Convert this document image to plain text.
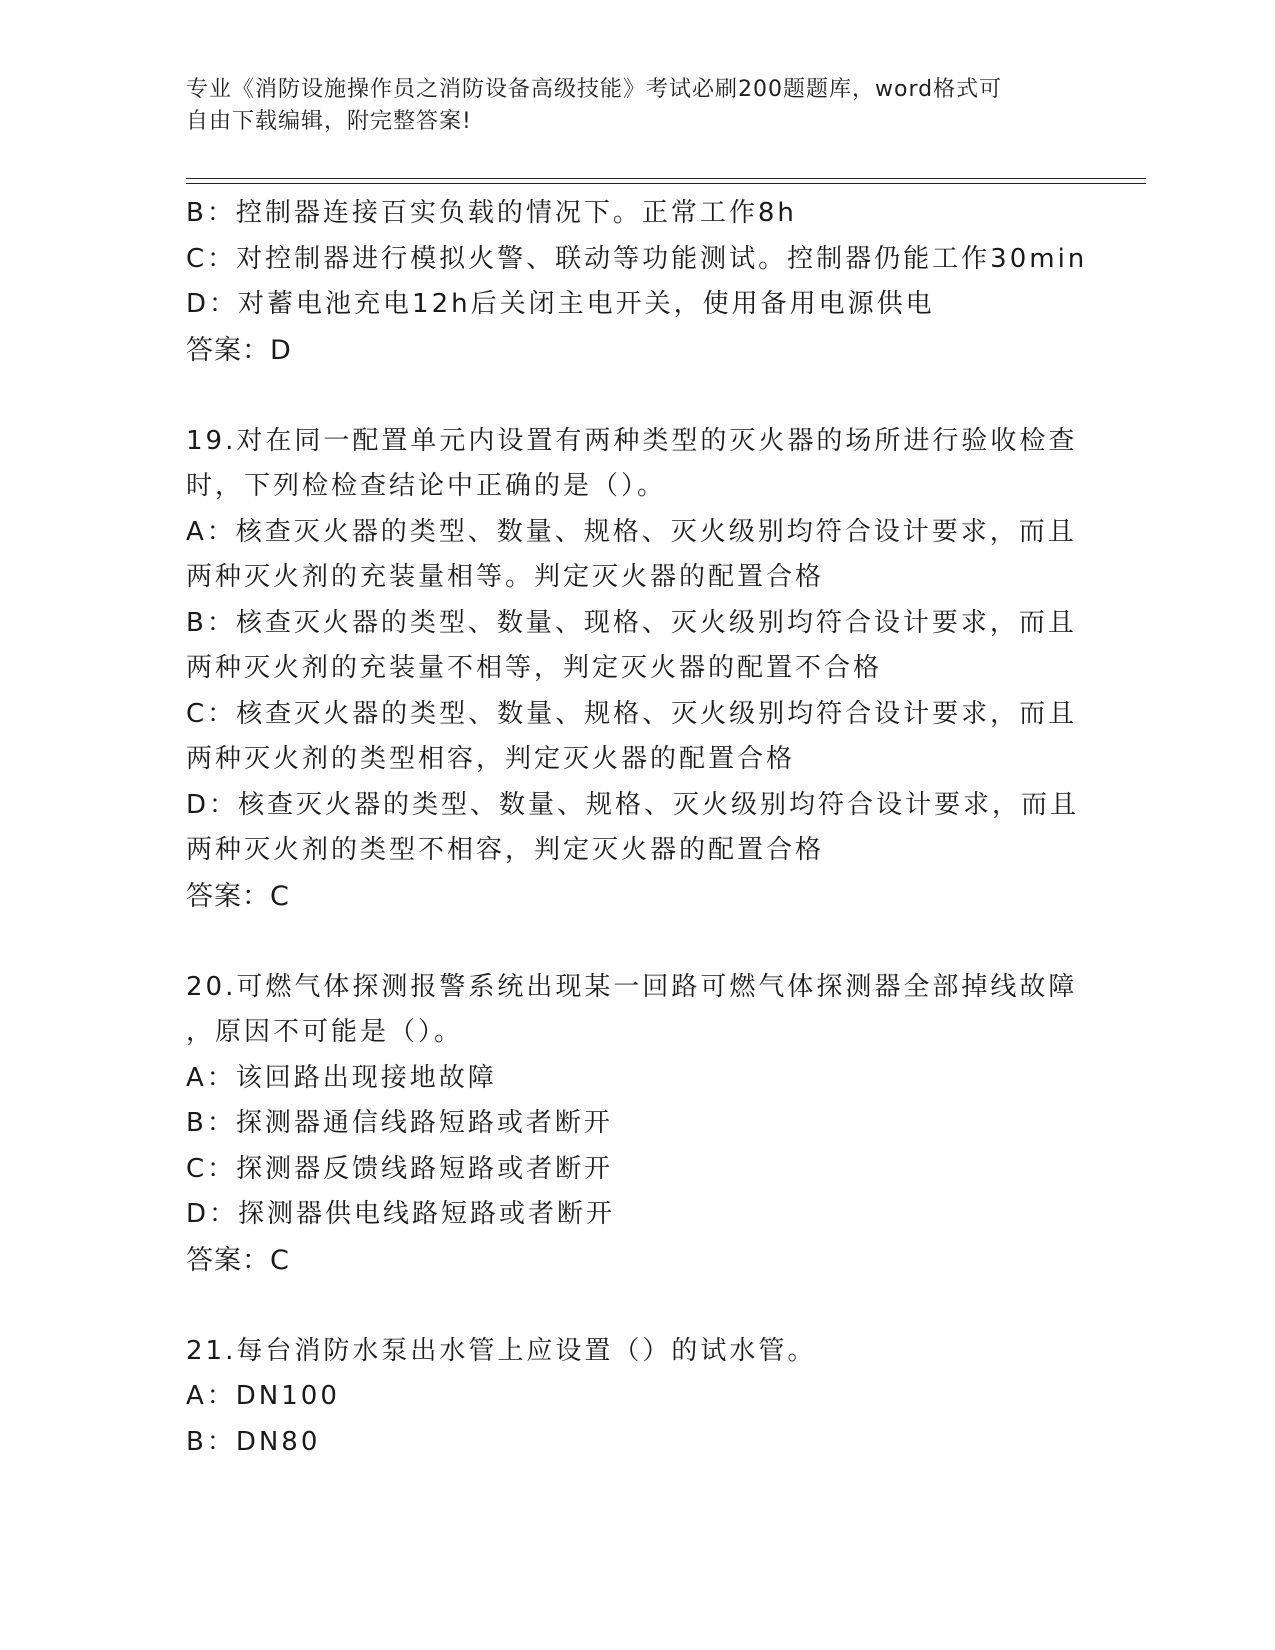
专业《消防设施操作员之消防设备高级技能》考试必刷200题题库，word格式可
自由下载编辑，附完整答案!
B：控制器连接百实负载的情况下。正常工作8h
C：对控制器进行模拟火警、联动等功能测试。控制器仍能工作30min
D：对蓄电池充电12h后关闭主电开关，使用备用电源供电
答案：D
19.对在同一配置单元内设置有两种类型的灭火器的场所进行验收检查
时，下列检检查结论中正确的是（）。
A：核查灭火器的类型、数量、规格、灭火级别均符合设计要求，而且
两种灭火剂的充装量相等。判定灭火器的配置合格
B：核查灭火器的类型、数量、现格、灭火级别均符合设计要求，而且
两种灭火剂的充装量不相等，判定灭火器的配置不合格
C：核查灭火器的类型、数量、规格、灭火级别均符合设计要求，而且
两种灭火剂的类型相容，判定灭火器的配置合格
D：核查灭火器的类型、数量、规格、灭火级别均符合设计要求，而且
两种灭火剂的类型不相容，判定灭火器的配置合格
答案：C
20.可燃气体探测报警系统出现某一回路可燃气体探测器全部掉线故障
，原因不可能是（）。
A：该回路出现接地故障
B：探测器通信线路短路或者断开
C：探测器反馈线路短路或者断开
D：探测器供电线路短路或者断开
答案：C
21.每台消防水泵出水管上应设置（）的试水管。
A：DN100
B：DN80
